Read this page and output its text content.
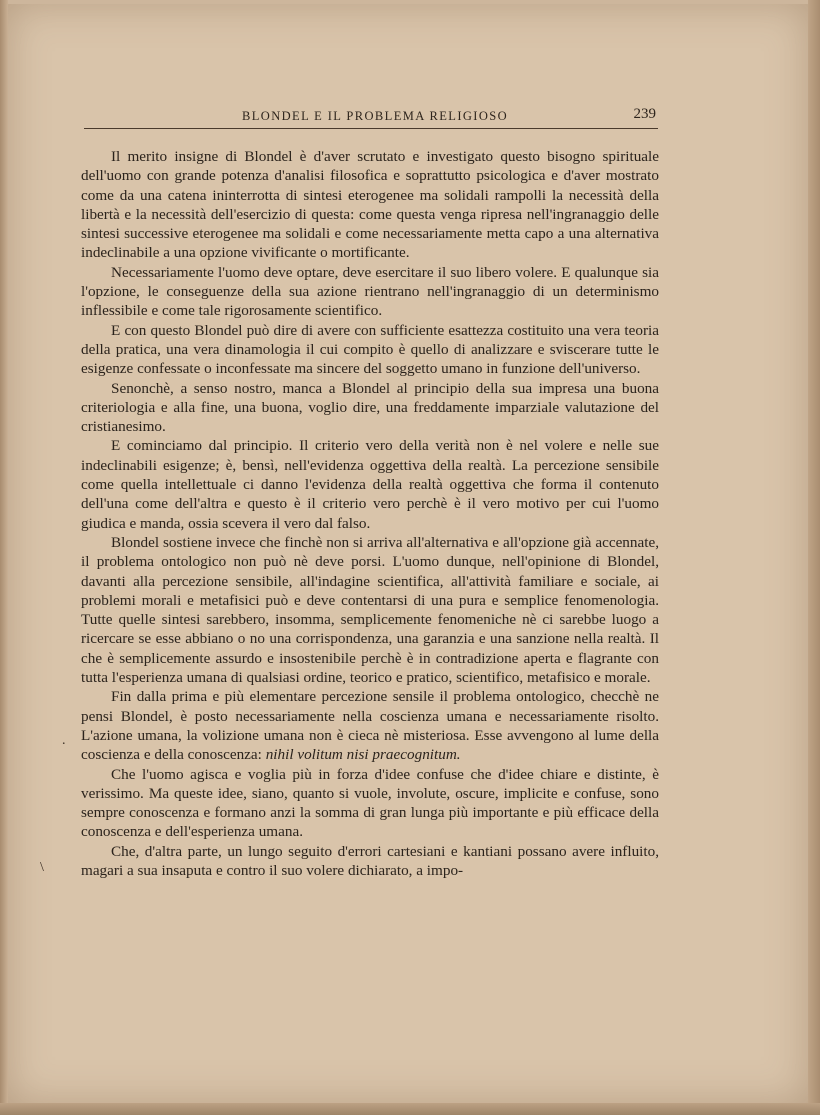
BLONDEL E IL PROBLEMA RELIGIOSO	239

Il merito insigne di Blondel è d'aver scrutato e investigato questo bisogno spirituale dell'uomo con grande potenza d'analisi filosofica e soprattutto psicologica e d'aver mostrato come da una catena ininterrotta di sintesi eterogenee ma solidali rampolli la necessità della libertà e la necessità dell'esercizio di questa: come questa venga ripresa nell'ingranaggio delle sintesi successive eterogenee ma solidali e come necessariamente metta capo a una alternativa indeclinabile a una opzione vivificante o mortificante.

Necessariamente l'uomo deve optare, deve esercitare il suo libero volere. E qualunque sia l'opzione, le conseguenze della sua azione rientrano nell'ingranaggio di un determinismo inflessibile e come tale rigorosamente scientifico.

E con questo Blondel può dire di avere con sufficiente esattezza costituito una vera teoria della pratica, una vera dinamologia il cui compito è quello di analizzare e sviscerare tutte le esigenze confessate o inconfessate ma sincere del soggetto umano in funzione dell'universo.

Senonchè, a senso nostro, manca a Blondel al principio della sua impresa una buona criteriologia e alla fine, una buona, voglio dire, una freddamente imparziale valutazione del cristianesimo.

E cominciamo dal principio. Il criterio vero della verità non è nel volere e nelle sue indeclinabili esigenze; è, bensì, nell'evidenza oggettiva della realtà. La percezione sensibile come quella intellettuale ci danno l'evidenza della realtà oggettiva che forma il contenuto dell'una come dell'altra e questo è il criterio vero perchè è il vero motivo per cui l'uomo giudica e manda, ossia scevera il vero dal falso.

Blondel sostiene invece che finchè non si arriva all'alternativa e all'opzione già accennate, il problema ontologico non può nè deve porsi. L'uomo dunque, nell'opinione di Blondel, davanti alla percezione sensibile, all'indagine scientifica, all'attività familiare e sociale, ai problemi morali e metafisici può e deve contentarsi di una pura e semplice fenomenologia. Tutte quelle sintesi sarebbero, insomma, semplicemente fenomeniche nè ci sarebbe luogo a ricercare se esse abbiano o no una corrispondenza, una garanzia e una sanzione nella realtà. Il che è semplicemente assurdo e insostenibile perchè è in contradizione aperta e flagrante con tutta l'esperienza umana di qualsiasi ordine, teorico e pratico, scientifico, metafisico e morale.

Fin dalla prima e più elementare percezione sensile il problema ontologico, checchè ne pensi Blondel, è posto necessariamente nella coscienza umana e necessariamente risolto. L'azione umana, la volizione umana non è cieca nè misteriosa. Esse avvengono al lume della coscienza e della conoscenza: nihil volitum nisi praecognitum.

Che l'uomo agisca e voglia più in forza d'idee confuse che d'idee chiare e distinte, è verissimo. Ma queste idee, siano, quanto si vuole, involute, oscure, implicite e confuse, sono sempre conoscenza e formano anzi la somma di gran lunga più importante e più efficace della conoscenza e dell'esperienza umana.

Che, d'altra parte, un lungo seguito d'errori cartesiani e kantiani possano avere influito, magari a sua insaputa e contro il suo volere dichiarato, a impo-

.
\
